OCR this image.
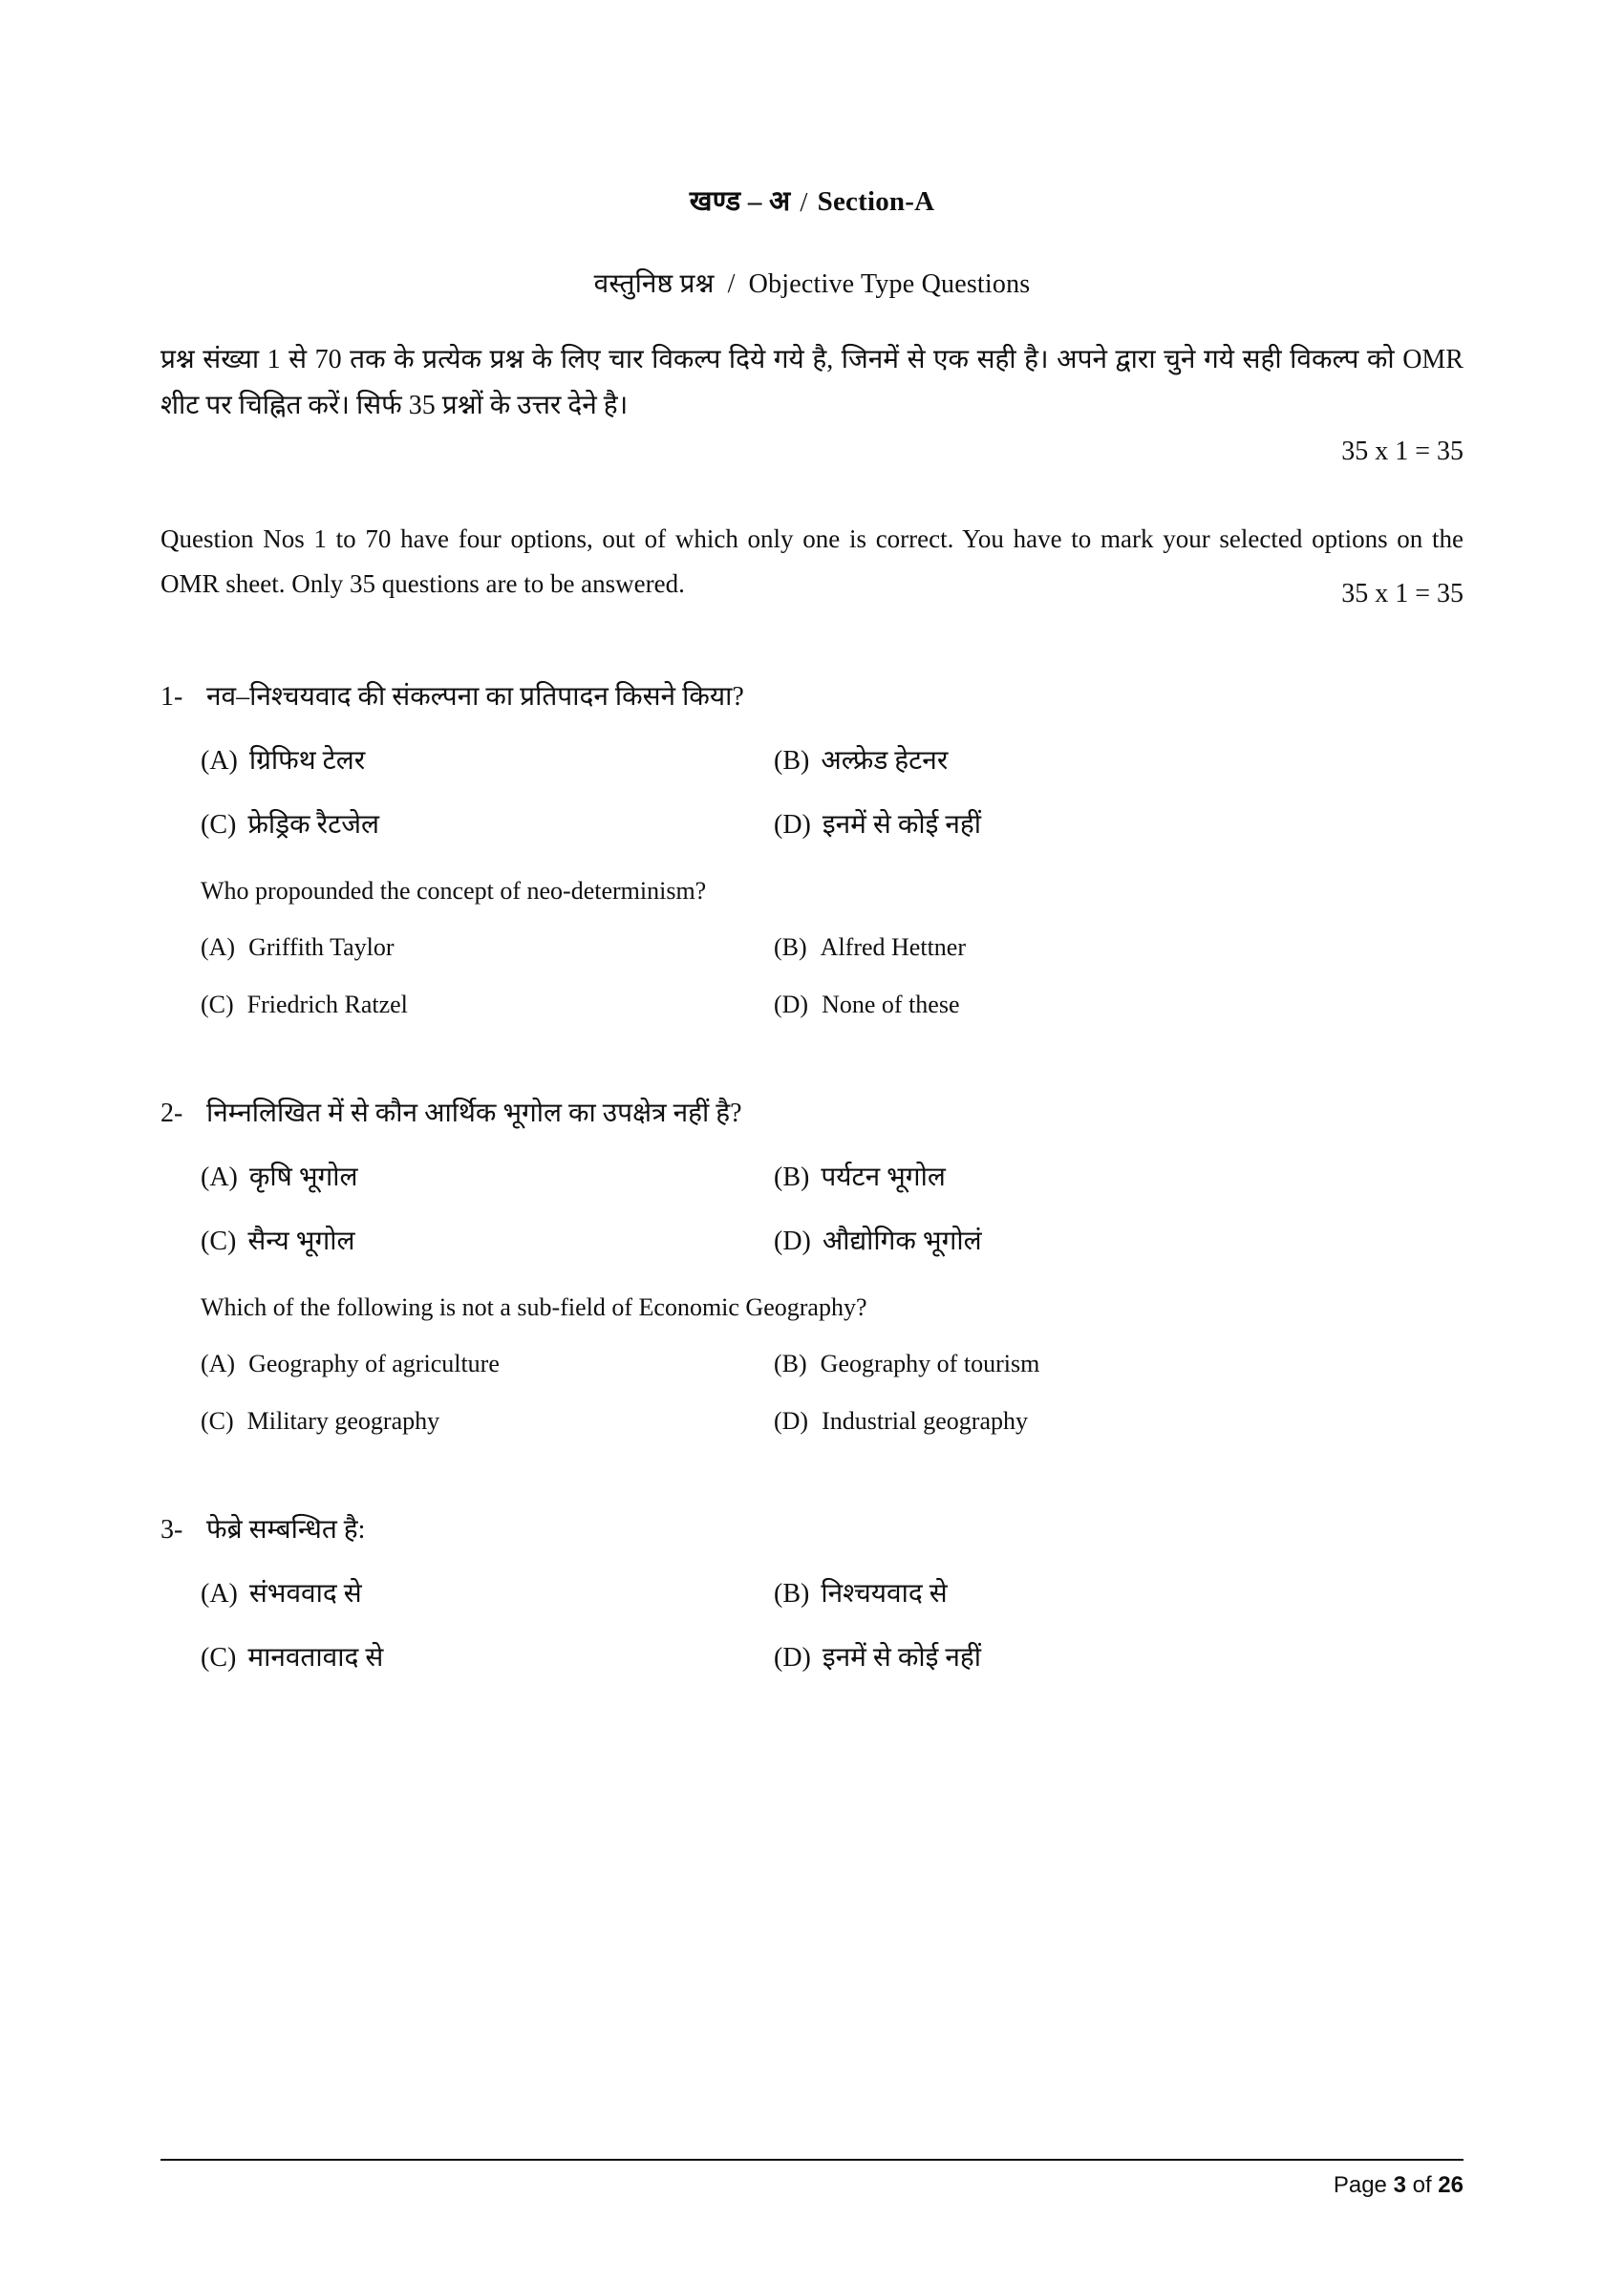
खण्ड – अ / Section-A
वस्तुनिष्ठ प्रश्न / Objective Type Questions
प्रश्न संख्या 1 से 70 तक के प्रत्येक प्रश्न के लिए चार विकल्प दिये गये है, जिनमें से एक सही है। अपने द्वारा चुने गये सही विकल्प को OMR शीट पर चिह्नित करें। सिर्फ 35 प्रश्नों के उत्तर देने है।
35 x 1 = 35
Question Nos 1 to 70 have four options, out of which only one is correct. You have to mark your selected options on the OMR sheet. Only 35 questions are to be answered.	35 x 1 = 35
1- नव–निश्चयवाद की संकल्पना का प्रतिपादन किसने किया?
(A) ग्रिफिथ टेलर	(B) अल्फ्रेड हेटनर
(C) फ्रेड्रिक रैटजेल	(D) इनमें से कोई नहीं
Who propounded the concept of neo-determinism?
(A) Griffith Taylor	(B) Alfred Hettner
(C) Friedrich Ratzel	(D) None of these
2- निम्नलिखित में से कौन आर्थिक भूगोल का उपक्षेत्र नहीं है?
(A) कृषि भूगोल	(B) पर्यटन भूगोल
(C) सैन्य भूगोल	(D) औद्योगिक भूगोलं
Which of the following is not a sub-field of Economic Geography?
(A) Geography of agriculture	(B) Geography of tourism
(C) Military geography	(D) Industrial geography
3- फेब्रे सम्बन्धित है:
(A) संभववाद से	(B) निश्चयवाद से
(C) मानवतावाद से	(D) इनमें से कोई नहीं
Page 3 of 26
